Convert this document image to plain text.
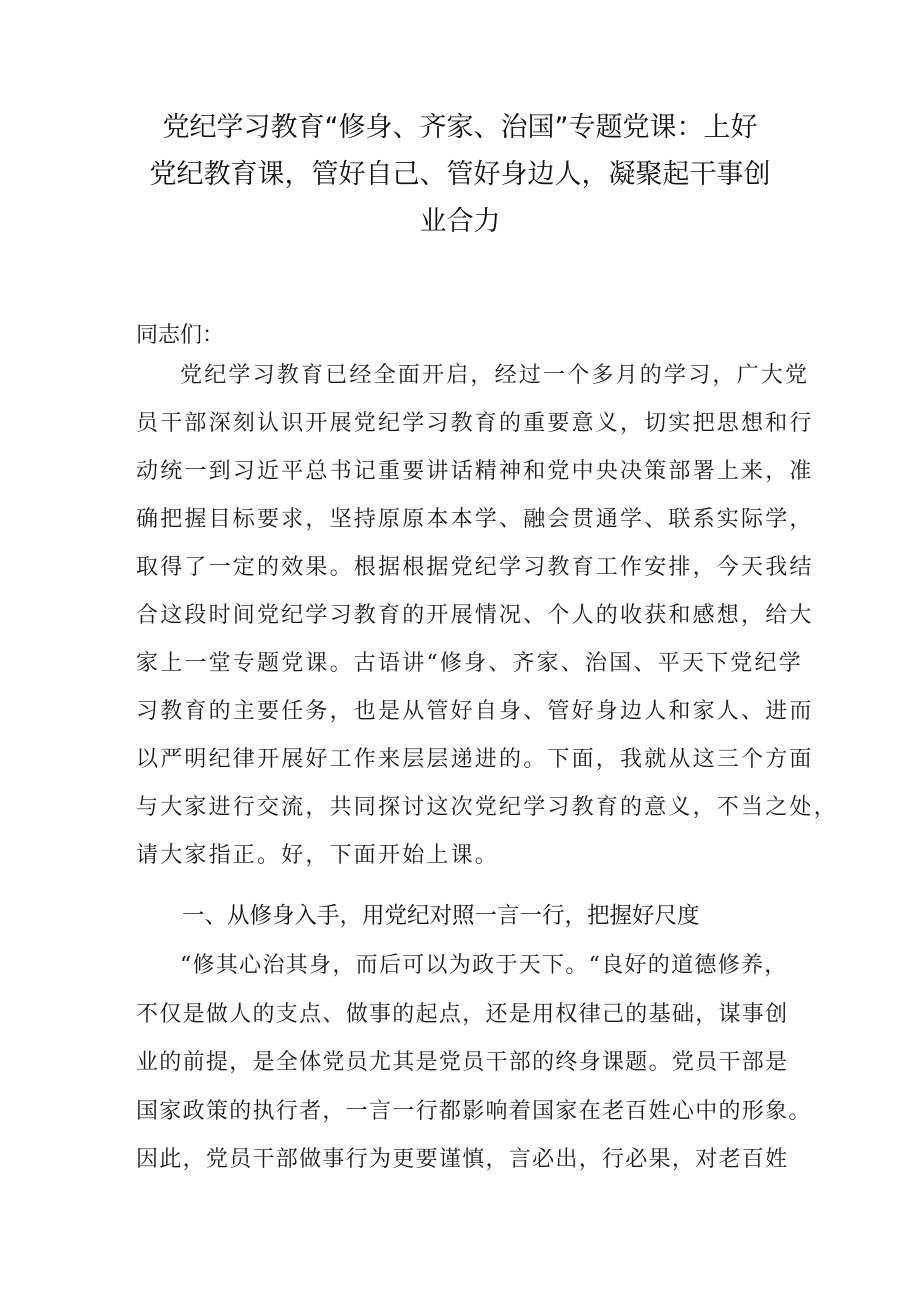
党纪学习教育“修身、齐家、治国”专题党课：上好
党纪教育课，管好自己、管好身边人，凝聚起干事创
业合力

同志们：

党纪学习教育已经全面开启，经过一个多月的学习，广大党
员干部深刻认识开展党纪学习教育的重要意义，切实把思想和行
动统一到习近平总书记重要讲话精神和党中央决策部署上来，准
确把握目标要求，坚持原原本本学、融会贯通学、联系实际学，
取得了一定的效果。根据根据党纪学习教育工作安排，今天我结
合这段时间党纪学习教育的开展情况、个人的收获和感想，给大
家上一堂专题党课。古语讲“修身、齐家、治国、平天下党纪学
习教育的主要任务，也是从管好自身、管好身边人和家人、进而
以严明纪律开展好工作来层层递进的。下面，我就从这三个方面
与大家进行交流，共同探讨这次党纪学习教育的意义，不当之处，
请大家指正。好，下面开始上课。
一、从修身入手，用党纪对照一言一行，把握好尺度
“修其心治其身，而后可以为政于天下。“良好的道德修养，
不仅是做人的支点、做事的起点，还是用权律己的基础，谋事创
业的前提，是全体党员尤其是党员干部的终身课题。党员干部是
国家政策的执行者，一言一行都影响着国家在老百姓心中的形象。
因此，党员干部做事行为更要谨慎，言必出，行必果，对老百姓
